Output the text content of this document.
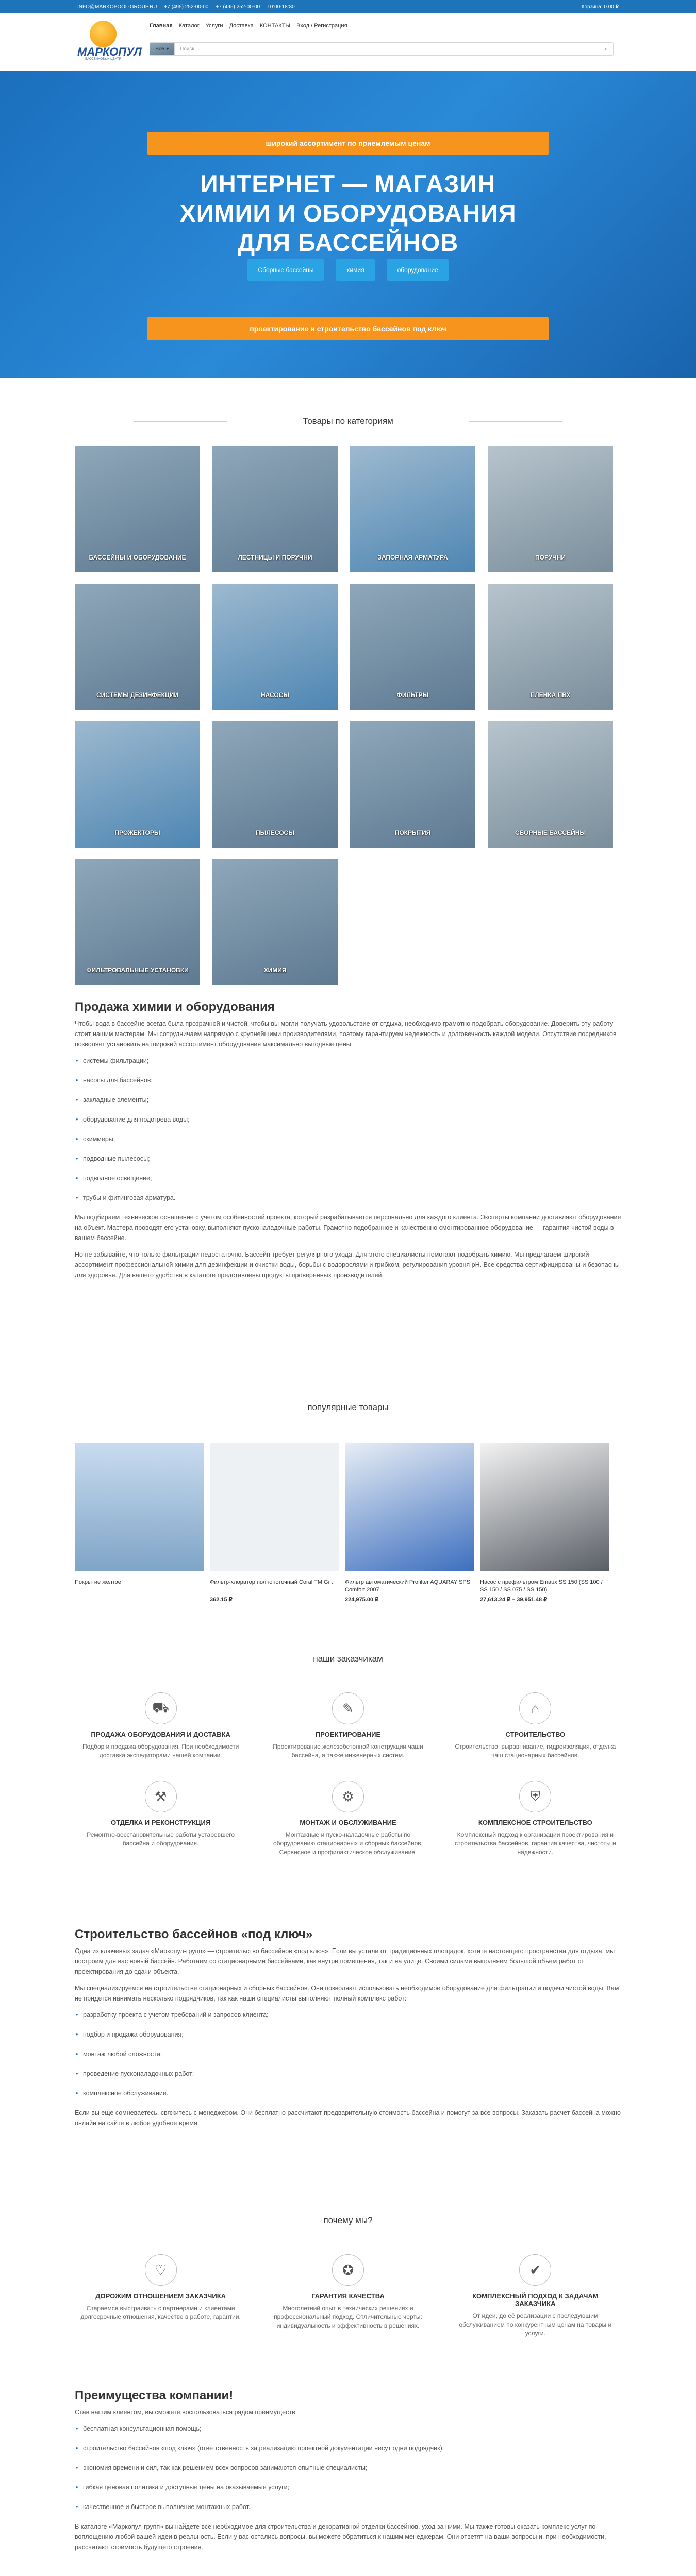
INFO@MARKOPOOL-GROUP.RU +7 (495) 252-00-00 +7 (495) 252-00-00 10:00-18:30	Корзина: 0.00 ₽
МАРКОПУЛ
БАССЕЙНОВЫЙ ЦЕНТР
Главная Каталог Услуги Доставка КОНТАКТЫ Вход / Регистрация
Все ▾	Поиск	⌕
широкий ассортимент по приемлемым ценам
ИНТЕРНЕТ — МАГАЗИН
ХИМИИ И ОБОРУДОВАНИЯ
ДЛЯ БАССЕЙНОВ
Сборные бассейны	химия	оборудование
проектирование и строительство бассейнов под ключ
Товары по категориям
БАССЕЙНЫ И ОБОРУДОВАНИЕ	ЛЕСТНИЦЫ И ПОРУЧНИ	ЗАПОРНАЯ АРМАТУРА	ПОРУЧНИ
СИСТЕМЫ ДЕЗИНФЕКЦИИ	НАСОСЫ	ФИЛЬТРЫ	ПЛЕНКА ПВХ
ПРОЖЕКТОРЫ	ПЫЛЕСОСЫ	ПОКРЫТИЯ	СБОРНЫЕ БАССЕЙНЫ
ФИЛЬТРОВАЛЬНЫЕ УСТАНОВКИ	ХИМИЯ
Продажа химии и оборудования

Чтобы вода в бассейне всегда была прозрачной и чистой, чтобы вы могли получать удовольствие от отдыха, необходимо грамотно подобрать оборудование. Доверить эту работу стоит нашим мастерам. Мы сотрудничаем напрямую с крупнейшими производителями, поэтому гарантируем надежность и долговечность каждой модели. Отсутствие посредников позволяет установить на широкий ассортимент оборудования максимально выгодные цены.

• системы фильтрации;
• насосы для бассейнов;
• закладные элементы;
• оборудование для подогрева воды;
• скиммеры;
• подводные пылесосы;
• подводное освещение;
• трубы и фитинговая арматура.

Мы подбираем техническое оснащение с учетом особенностей проекта, который разрабатывается персонально для каждого клиента. Эксперты компании доставляют оборудование на объект. Мастера проводят его установку, выполняют пусконаладочные работы. Грамотно подобранное и качественно смонтированное оборудование — гарантия чистой воды в вашем бассейне.

Но не забывайте, что только фильтрации недостаточно. Бассейн требует регулярного ухода. Для этого специалисты помогают подобрать химию. Мы предлагаем широкий ассортимент профессиональной химии для дезинфекции и очистки воды, борьбы с водорослями и грибком, регулирования уровня pH. Все средства сертифицированы и безопасны для здоровья. Для вашего удобства в каталоге представлены продукты проверенных производителей.

популярные товары
Покрытие желтое	Фильтр-хлоратор полнопоточный Coral TM Gift
362.15 ₽
Фильтр автоматический Profilter AQUARAY SPS Comfort 2007
224,975.00 ₽
Насос с префильтром Emaux SS 150 (SS 100 / SS 150 / SS 075 / SS 150)
27,613.24 ₽ – 39,951.48 ₽
наши заказчикам
⛟
ПРОДАЖА ОБОРУДОВАНИЯ И ДОСТАВКА
Подбор и продажа оборудования. При необходимости доставка экспедиторами нашей компании.
✎
ПРОЕКТИРОВАНИЕ
Проектирование железобетонной конструкции чаши бассейна, а также инженерных систем.
⌂
СТРОИТЕЛЬСТВО
Строительство, выравнивание, гидроизоляция, отделка чаш стационарных бассейнов.
⚒
ОТДЕЛКА И РЕКОНСТРУКЦИЯ
Ремонтно-восстановительные работы устаревшего бассейна и оборудования.
⚙
МОНТАЖ И ОБСЛУЖИВАНИЕ
Монтажные и пуско-наладочные работы по оборудованию стационарных и сборных бассейнов. Сервисное и профилактическое обслуживание.
⛨
КОМПЛЕКСНОЕ СТРОИТЕЛЬСТВО
Комплексный подход к организации проектирования и строительства бассейнов, гарантия качества, чистоты и надежности.
Строительство бассейнов «под ключ»

Одна из ключевых задач «Маркопул-групп» — строительство бассейнов «под ключ». Если вы устали от традиционных площадок, хотите настоящего пространства для отдыха, мы построим для вас новый бассейн. Работаем со стационарными бассейнами, как внутри помещения, так и на улице. Своими силами выполняем большой объем работ от проектирования до сдачи объекта.

Мы специализируемся на строительстве стационарных и сборных бассейнов. Они позволяют использовать необходимое оборудование для фильтрации и подачи чистой воды. Вам не придется нанимать несколько подрядчиков, так как наши специалисты выполняют полный комплекс работ:

• разработку проекта с учетом требований и запросов клиента;
• подбор и продажа оборудования;
• монтаж любой сложности;
• проведение пусконаладочных работ;
• комплексное обслуживание.

Если вы еще сомневаетесь, свяжитесь с менеджером. Они бесплатно рассчитают предварительную стоимость бассейна и помогут за все вопросы. Заказать расчет бассейна можно онлайн на сайте в любое удобное время.

почему мы?
♡
ДОРОЖИМ ОТНОШЕНИЕМ ЗАКАЗЧИКА
Стараемся выстраивать с партнерами и клиентами долгосрочные отношения, качество в работе, гарантии.
✪
ГАРАНТИЯ КАЧЕСТВА
Многолетний опыт в технических решениях и профессиональный подход. Отличительные черты: индивидуальность и эффективность в решениях.
✔
КОМПЛЕКСНЫЙ ПОДХОД К ЗАДАЧАМ ЗАКАЗЧИКА
От идеи, до её реализации с последующим обслуживанием по конкурентным ценам на товары и услуги.
Преимущества компании!

Став нашим клиентом, вы сможете воспользоваться рядом преимуществ:

• бесплатная консультационная помощь;
• строительство бассейнов «под ключ» (ответственность за реализацию проектной документации несут одни подрядчик);
• экономия времени и сил, так как решением всех вопросов занимаются опытные специалисты;
• гибкая ценовая политика и доступные цены на оказываемые услуги;
• качественное и быстрое выполнение монтажных работ.

В каталоге «Маркопул-групп» вы найдете все необходимое для строительства и декоративной отделки бассейнов, уход за ними. Мы также готовы оказать комплекс услуг по воплощению любой вашей идеи в реальность. Если у вас остались вопросы, вы можете обратиться к нашим менеджерам. Они ответят на ваши вопросы и, при необходимости, рассчитают стоимость будущего строения.
